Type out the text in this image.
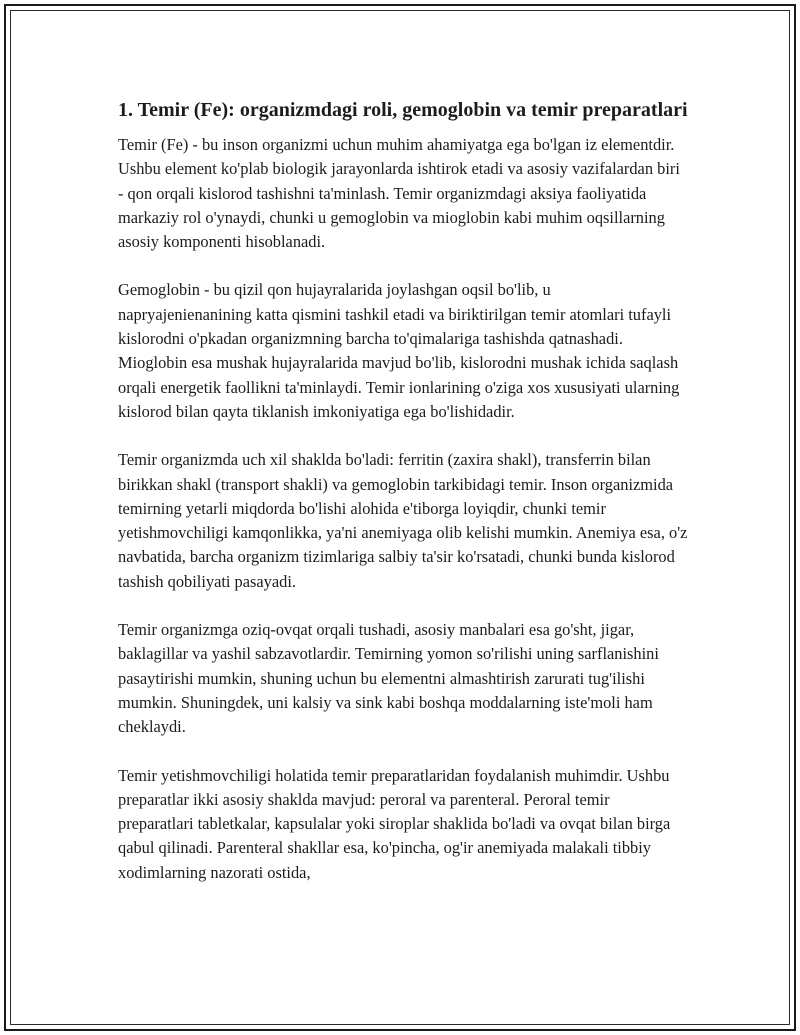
1. Temir (Fe): organizmdagi roli, gemoglobin va temir preparatlari

Temir (Fe) - bu inson organizmi uchun muhim ahamiyatga ega bo'lgan iz elementdir. Ushbu element ko'plab biologik jarayonlarda ishtirok etadi va asosiy vazifalardan biri - qon orqali kislorod tashishni ta'minlash. Temir organizmdagi aksiya faoliyatida markaziy rol o'ynaydi, chunki u gemoglobin va mioglobin kabi muhim oqsillarning asosiy komponenti hisoblanadi.

Gemoglobin - bu qizil qon hujayralarida joylashgan oqsil bo'lib, u napryajenienanining katta qismini tashkil etadi va biriktirilgan temir atomlari tufayli kislorodni o'pkadan organizmning barcha to'qimalariga tashishda qatnashadi. Mioglobin esa mushak hujayralarida mavjud bo'lib, kislorodni mushak ichida saqlash orqali energetik faollikni ta'minlaydi. Temir ionlarining o'ziga xos xususiyati ularning kislorod bilan qayta tiklanish imkoniyatiga ega bo'lishidadir.

Temir organizmda uch xil shaklda bo'ladi: ferritin (zaxira shakl), transferrin bilan birikkan shakl (transport shakli) va gemoglobin tarkibidagi temir. Inson organizmida temirning yetarli miqdorda bo'lishi alohida e'tiborga loyiqdir, chunki temir yetishmovchiligi kamqonlikka, ya'ni anemiyaga olib kelishi mumkin. Anemiya esa, o'z navbatida, barcha organizm tizimlariga salbiy ta'sir ko'rsatadi, chunki bunda kislorod tashish qobiliyati pasayadi.

Temir organizmga oziq-ovqat orqali tushadi, asosiy manbalari esa go'sht, jigar, baklagillar va yashil sabzavotlardir. Temirning yomon so'rilishi uning sarflanishini pasaytirishi mumkin, shuning uchun bu elementni almashtirish zarurati tug'ilishi mumkin. Shuningdek, uni kalsiy va sink kabi boshqa moddalarning iste'moli ham cheklaydi.

Temir yetishmovchiligi holatida temir preparatlaridan foydalanish muhimdir. Ushbu preparatlar ikki asosiy shaklda mavjud: peroral va parenteral. Peroral temir preparatlari tabletkalar, kapsulalar yoki siroplar shaklida bo'ladi va ovqat bilan birga qabul qilinadi. Parenteral shakllar esa, ko'pincha, og'ir anemiyada malakali tibbiy xodimlarning nazorati ostida,
